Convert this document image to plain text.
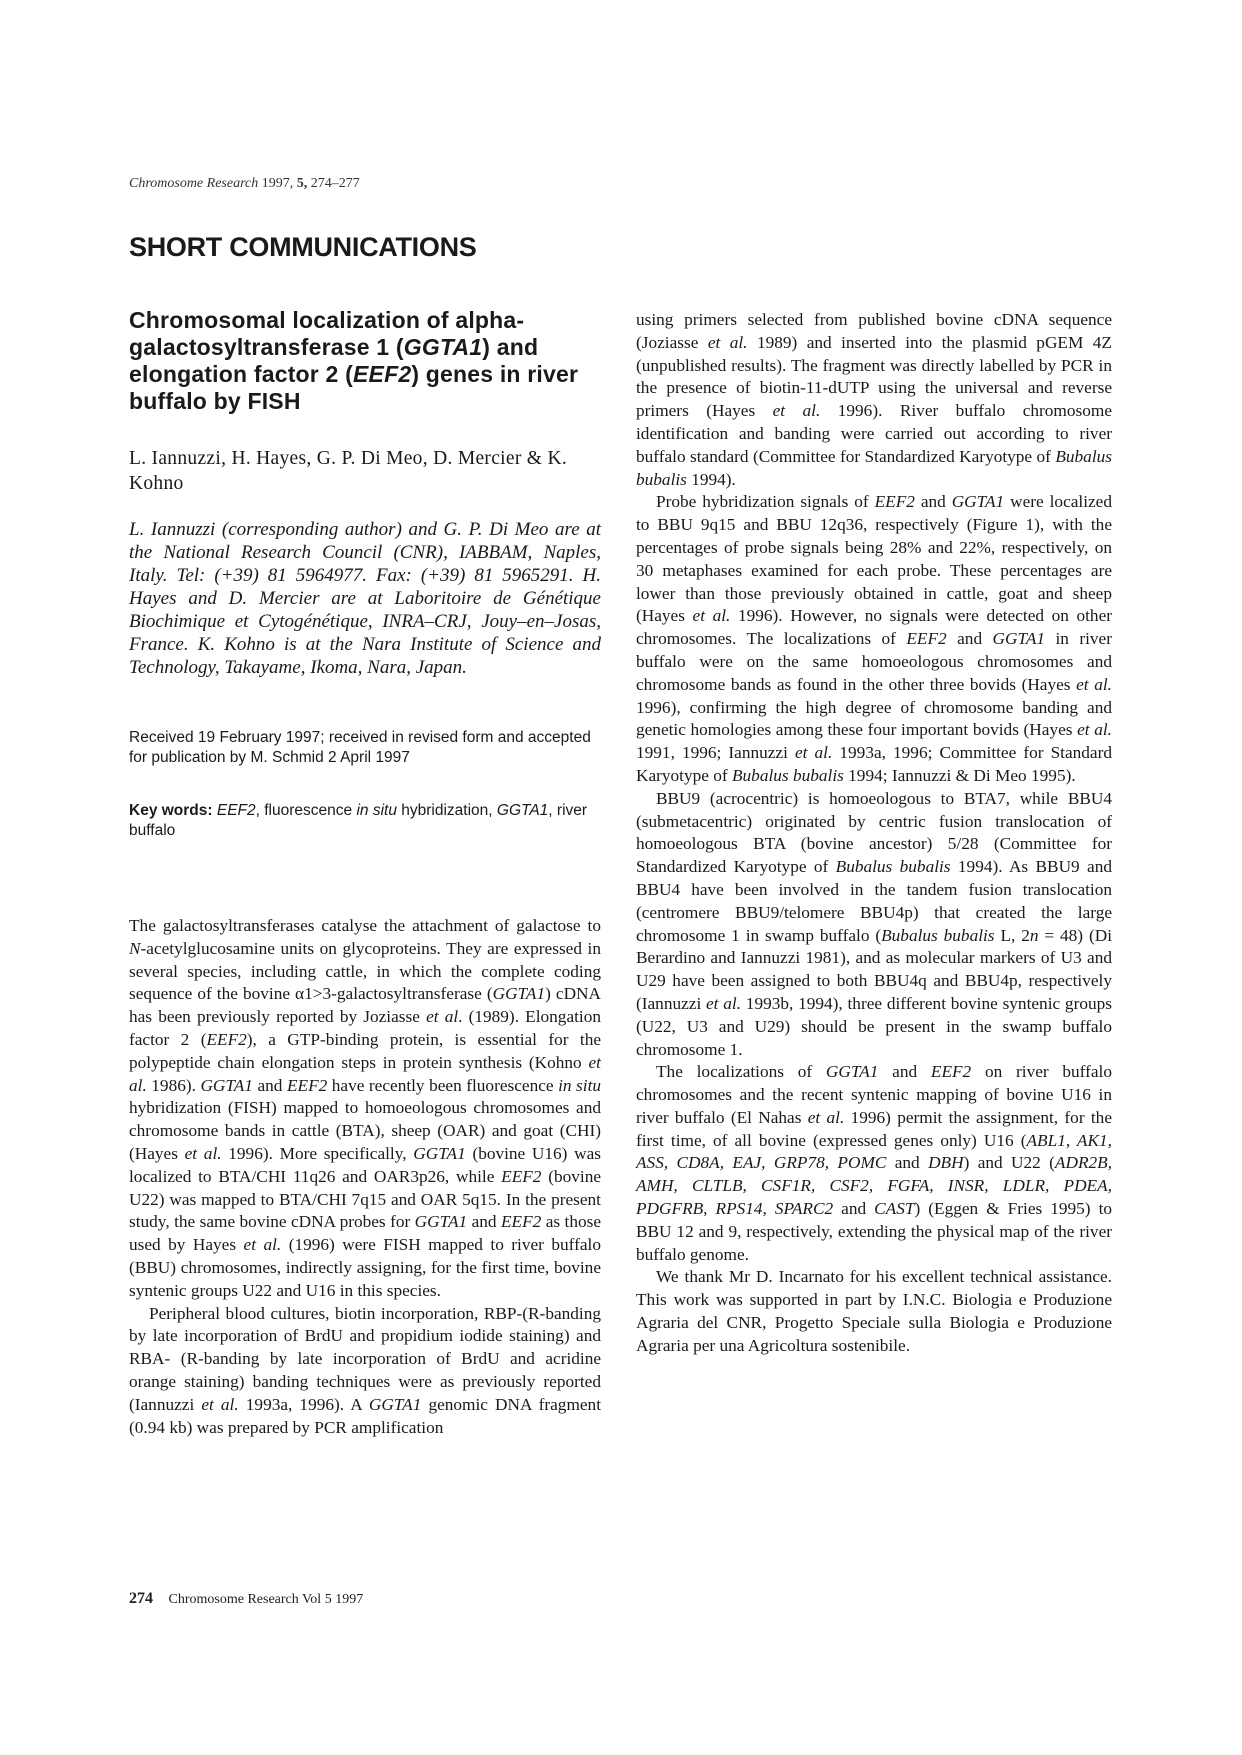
Chromosome Research 1997, 5, 274–277
SHORT COMMUNICATIONS
Chromosomal localization of alpha-galactosyltransferase 1 (GGTA1) and elongation factor 2 (EEF2) genes in river buffalo by FISH
L. Iannuzzi, H. Hayes, G. P. Di Meo, D. Mercier & K. Kohno
L. Iannuzzi (corresponding author) and G. P. Di Meo are at the National Research Council (CNR), IABBAM, Naples, Italy. Tel: (+39) 81 5964977. Fax: (+39) 81 5965291. H. Hayes and D. Mercier are at Laboritoire de Génétique Biochimique et Cytogénétique, INRA–CRJ, Jouy–en–Josas, France. K. Kohno is at the Nara Institute of Science and Technology, Takayame, Ikoma, Nara, Japan.
Received 19 February 1997; received in revised form and accepted for publication by M. Schmid 2 April 1997
Key words: EEF2, fluorescence in situ hybridization, GGTA1, river buffalo

The galactosyltransferases catalyse the attachment of galactose to N-acetylglucosamine units on glycoproteins. They are expressed in several species, including cattle, in which the complete coding sequence of the bovine α1>3-galactosyltransferase (GGTA1) cDNA has been previously reported by Joziasse et al. (1989). Elongation factor 2 (EEF2), a GTP-binding protein, is essential for the polypeptide chain elongation steps in protein synthesis (Kohno et al. 1986). GGTA1 and EEF2 have recently been fluorescence in situ hybridization (FISH) mapped to homoeologous chromosomes and chromosome bands in cattle (BTA), sheep (OAR) and goat (CHI) (Hayes et al. 1996). More specifically, GGTA1 (bovine U16) was localized to BTA/CHI 11q26 and OAR3p26, while EEF2 (bovine U22) was mapped to BTA/CHI 7q15 and OAR 5q15. In the present study, the same bovine cDNA probes for GGTA1 and EEF2 as those used by Hayes et al. (1996) were FISH mapped to river buffalo (BBU) chromosomes, indirectly assigning, for the first time, bovine syntenic groups U22 and U16 in this species.

Peripheral blood cultures, biotin incorporation, RBP-(R-banding by late incorporation of BrdU and propidium iodide staining) and RBA- (R-banding by late incorporation of BrdU and acridine orange staining) banding techniques were as previously reported (Iannuzzi et al. 1993a, 1996). A GGTA1 genomic DNA fragment (0.94 kb) was prepared by PCR amplification

using primers selected from published bovine cDNA sequence (Joziasse et al. 1989) and inserted into the plasmid pGEM 4Z (unpublished results). The fragment was directly labelled by PCR in the presence of biotin-11-dUTP using the universal and reverse primers (Hayes et al. 1996). River buffalo chromosome identification and banding were carried out according to river buffalo standard (Committee for Standardized Karyotype of Bubalus bubalis 1994).

Probe hybridization signals of EEF2 and GGTA1 were localized to BBU 9q15 and BBU 12q36, respectively (Figure 1), with the percentages of probe signals being 28% and 22%, respectively, on 30 metaphases examined for each probe. These percentages are lower than those previously obtained in cattle, goat and sheep (Hayes et al. 1996). However, no signals were detected on other chromosomes. The localizations of EEF2 and GGTA1 in river buffalo were on the same homoeologous chromosomes and chromosome bands as found in the other three bovids (Hayes et al. 1996), confirming the high degree of chromosome banding and genetic homologies among these four important bovids (Hayes et al. 1991, 1996; Iannuzzi et al. 1993a, 1996; Committee for Standard Karyotype of Bubalus bubalis 1994; Iannuzzi & Di Meo 1995).

BBU9 (acrocentric) is homoeologous to BTA7, while BBU4 (submetacentric) originated by centric fusion translocation of homoeologous BTA (bovine ancestor) 5/28 (Committee for Standardized Karyotype of Bubalus bubalis 1994). As BBU9 and BBU4 have been involved in the tandem fusion translocation (centromere BBU9/telomere BBU4p) that created the large chromosome 1 in swamp buffalo (Bubalus bubalis L, 2n = 48) (Di Berardino and Iannuzzi 1981), and as molecular markers of U3 and U29 have been assigned to both BBU4q and BBU4p, respectively (Iannuzzi et al. 1993b, 1994), three different bovine syntenic groups (U22, U3 and U29) should be present in the swamp buffalo chromosome 1.

The localizations of GGTA1 and EEF2 on river buffalo chromosomes and the recent syntenic mapping of bovine U16 in river buffalo (El Nahas et al. 1996) permit the assignment, for the first time, of all bovine (expressed genes only) U16 (ABL1, AK1, ASS, CD8A, EAJ, GRP78, POMC and DBH) and U22 (ADR2B, AMH, CLTLB, CSF1R, CSF2, FGFA, INSR, LDLR, PDEA, PDGFRB, RPS14, SPARC2 and CAST) (Eggen & Fries 1995) to BBU 12 and 9, respectively, extending the physical map of the river buffalo genome.

We thank Mr D. Incarnato for his excellent technical assistance. This work was supported in part by I.N.C. Biologia e Produzione Agraria del CNR, Progetto Speciale sulla Biologia e Produzione Agraria per una Agricoltura sostenibile.

274 Chromosome Research Vol 5 1997
